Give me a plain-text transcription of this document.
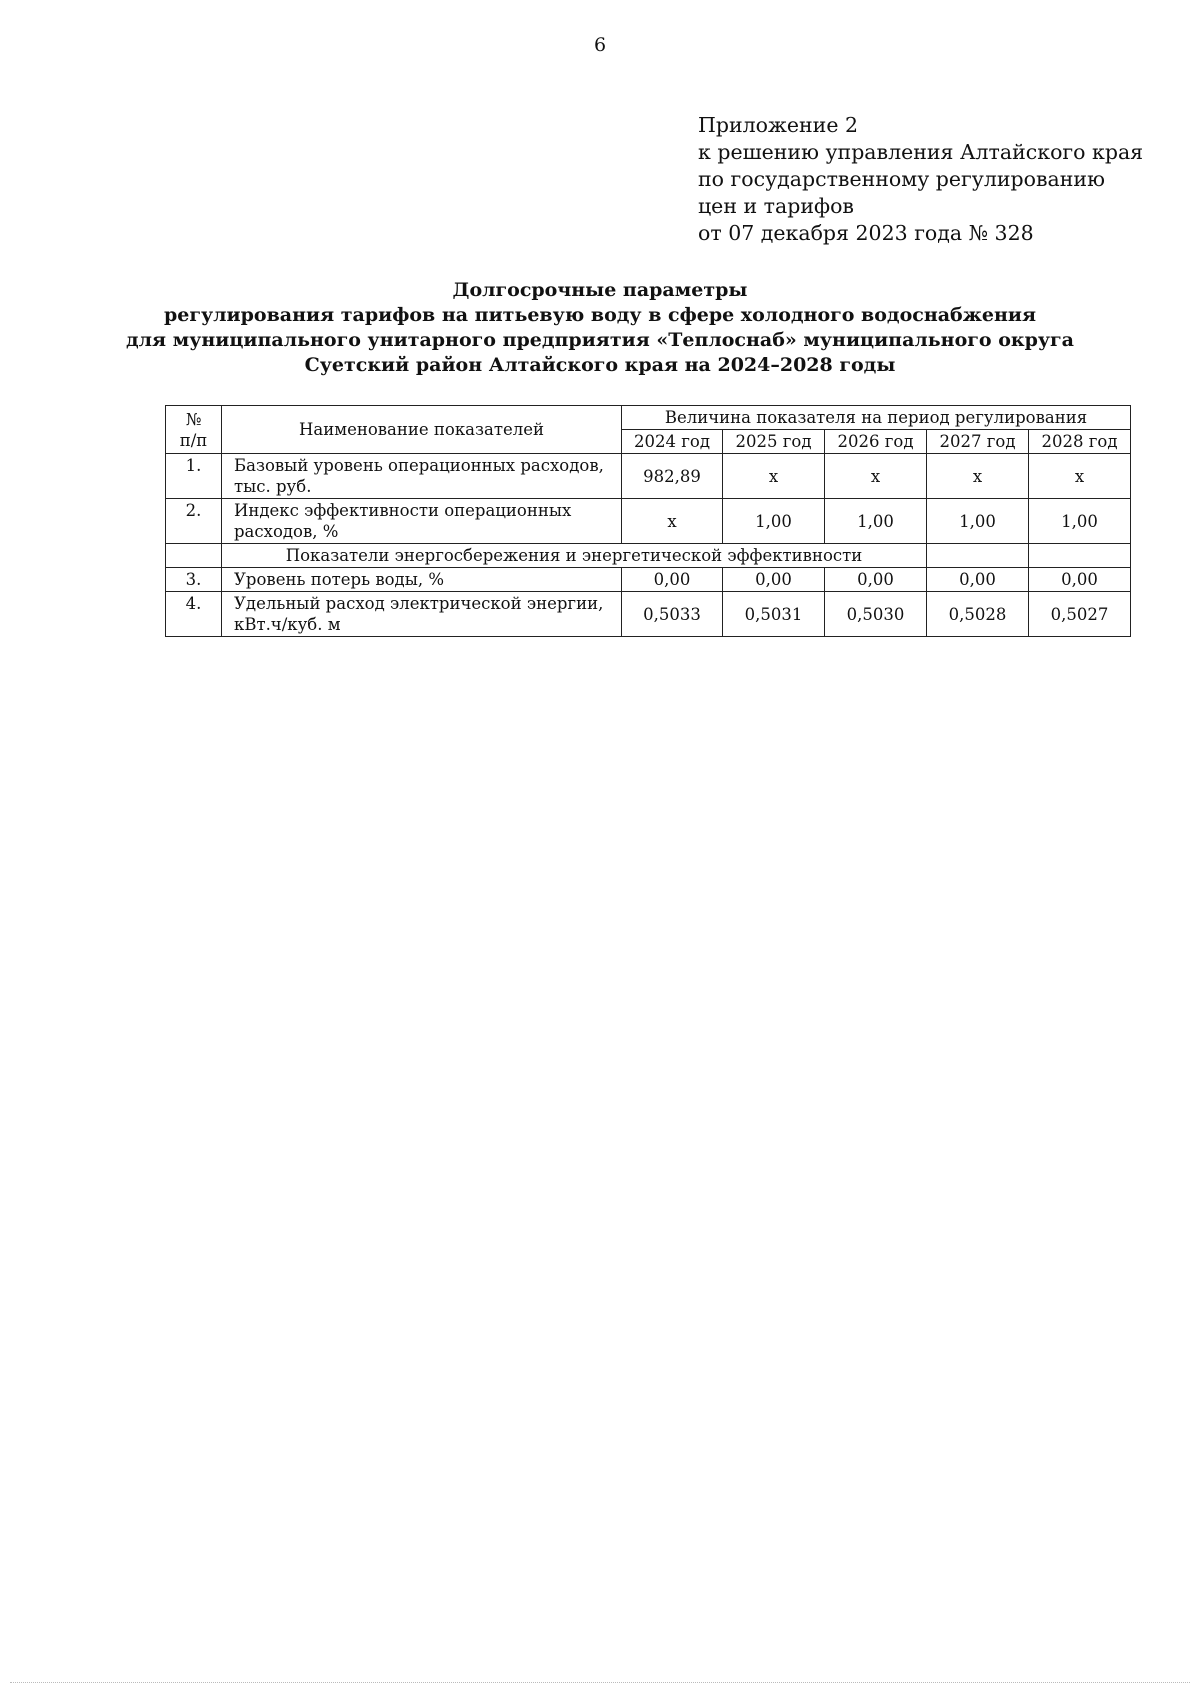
6
Приложение 2
к решению управления Алтайского края
по государственному регулированию
цен и тарифов
от 07 декабря 2023 года № 328
Долгосрочные параметры
регулирования тарифов на питьевую воду в сфере холодного водоснабжения
для муниципального унитарного предприятия «Теплоснаб» муниципального округа
Суетский район Алтайского края на 2024–2028 годы
№
п/п	Наименование показателей	Величина показателя на период регулирования				
		2024 год	2025 год	2026 год	2027 год	2028 год
1.	Базовый уровень операционных расходов, тыс. руб.	982,89	х	х	х	х
2.	Индекс эффективности операционных расходов, %	х	1,00	1,00	1,00	1,00
	Показатели энергосбережения и энергетической эффективности					
3.	Уровень потерь воды, %	0,00	0,00	0,00	0,00	0,00
4.	Удельный расход электрической энергии, кВт.ч/куб. м	0,5033	0,5031	0,5030	0,5028	0,5027
